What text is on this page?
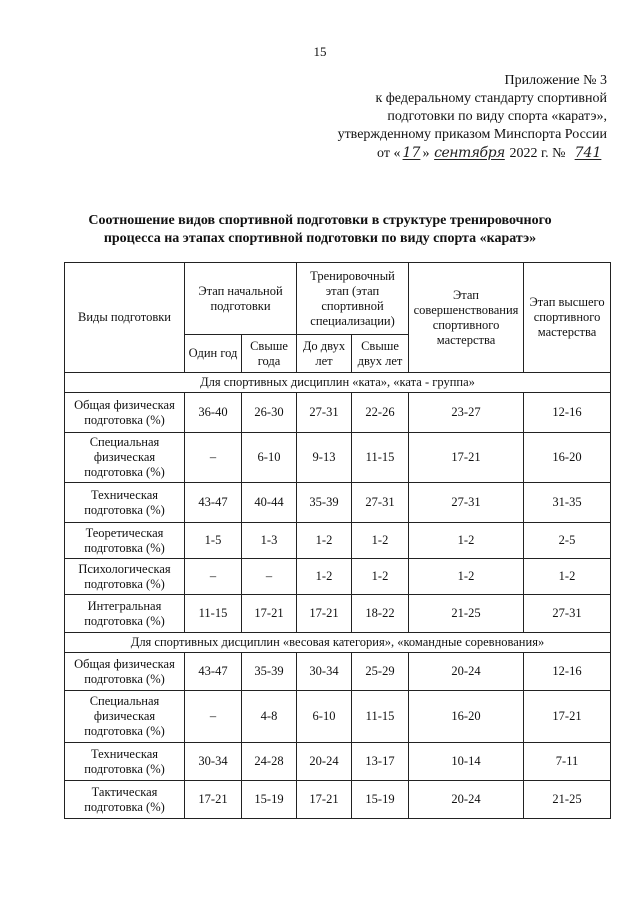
15
Приложение № 3
к федеральному стандарту спортивной
подготовки по виду спорта «каратэ»,
утвержденному приказом Минспорта России
от « 17 » сентября 2022 г. № 741
Соотношение видов спортивной подготовки в структуре тренировочного
процесса на этапах спортивной подготовки по виду спорта «каратэ»
Виды подготовки	Этап начальной подготовки		Тренировочный этап (этап спортивной специализации)		Этап совершенствования спортивного мастерства	Этап высшего спортивного мастерства
	Один год	Свыше года	До двух лет	Свыше двух лет		
Для спортивных дисциплин «ката», «ката - группа»						
Общая физическая подготовка (%)	36-40	26-30	27-31	22-26	23-27	12-16
Специальная физическая подготовка (%)	–	6-10	9-13	11-15	17-21	16-20
Техническая подготовка (%)	43-47	40-44	35-39	27-31	27-31	31-35
Теоретическая подготовка (%)	1-5	1-3	1-2	1-2	1-2	2-5
Психологическая подготовка (%)	–	–	1-2	1-2	1-2	1-2
Интегральная подготовка (%)	11-15	17-21	17-21	18-22	21-25	27-31
Для спортивных дисциплин «весовая категория», «командные соревнования»						
Общая физическая подготовка (%)	43-47	35-39	30-34	25-29	20-24	12-16
Специальная физическая подготовка (%)	–	4-8	6-10	11-15	16-20	17-21
Техническая подготовка (%)	30-34	24-28	20-24	13-17	10-14	7-11
Тактическая подготовка (%)	17-21	15-19	17-21	15-19	20-24	21-25
